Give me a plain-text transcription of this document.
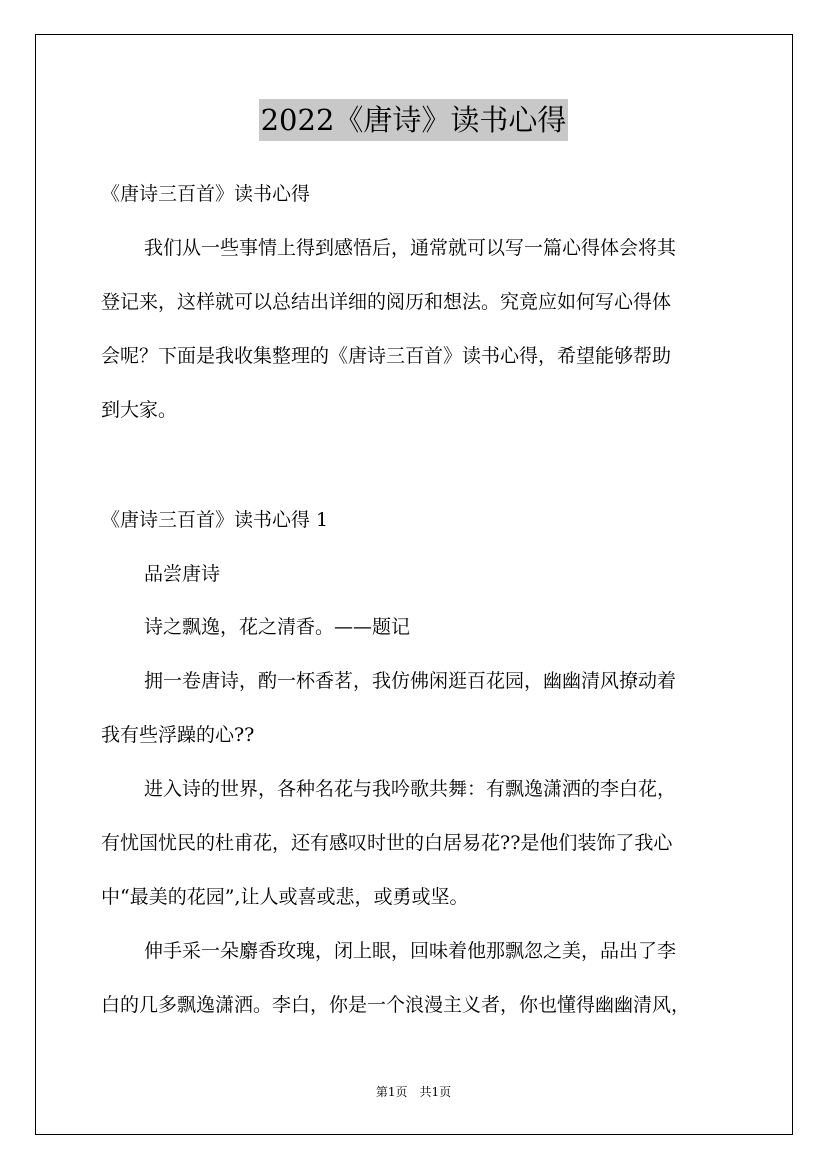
2022《唐诗》读书心得
《唐诗三百首》读书心得
我们从一些事情上得到感悟后，通常就可以写一篇心得体会将其
登记来，这样就可以总结出详细的阅历和想法。究竟应如何写心得体
会呢？下面是我收集整理的《唐诗三百首》读书心得，希望能够帮助
到大家。
《唐诗三百首》读书心得 1
品尝唐诗
诗之飘逸，花之清香。——题记
拥一卷唐诗，酌一杯香茗，我仿佛闲逛百花园，幽幽清风撩动着
我有些浮躁的心??
进入诗的世界，各种名花与我吟歌共舞：有飘逸潇洒的李白花，
有忧国忧民的杜甫花，还有感叹时世的白居易花??是他们装饰了我心
中“最美的花园”,让人或喜或悲，或勇或坚。
伸手采一朵麝香玫瑰，闭上眼，回味着他那飘忽之美，品出了李
白的几多飘逸潇洒。李白，你是一个浪漫主义者，你也懂得幽幽清风，
第1页　共1页
